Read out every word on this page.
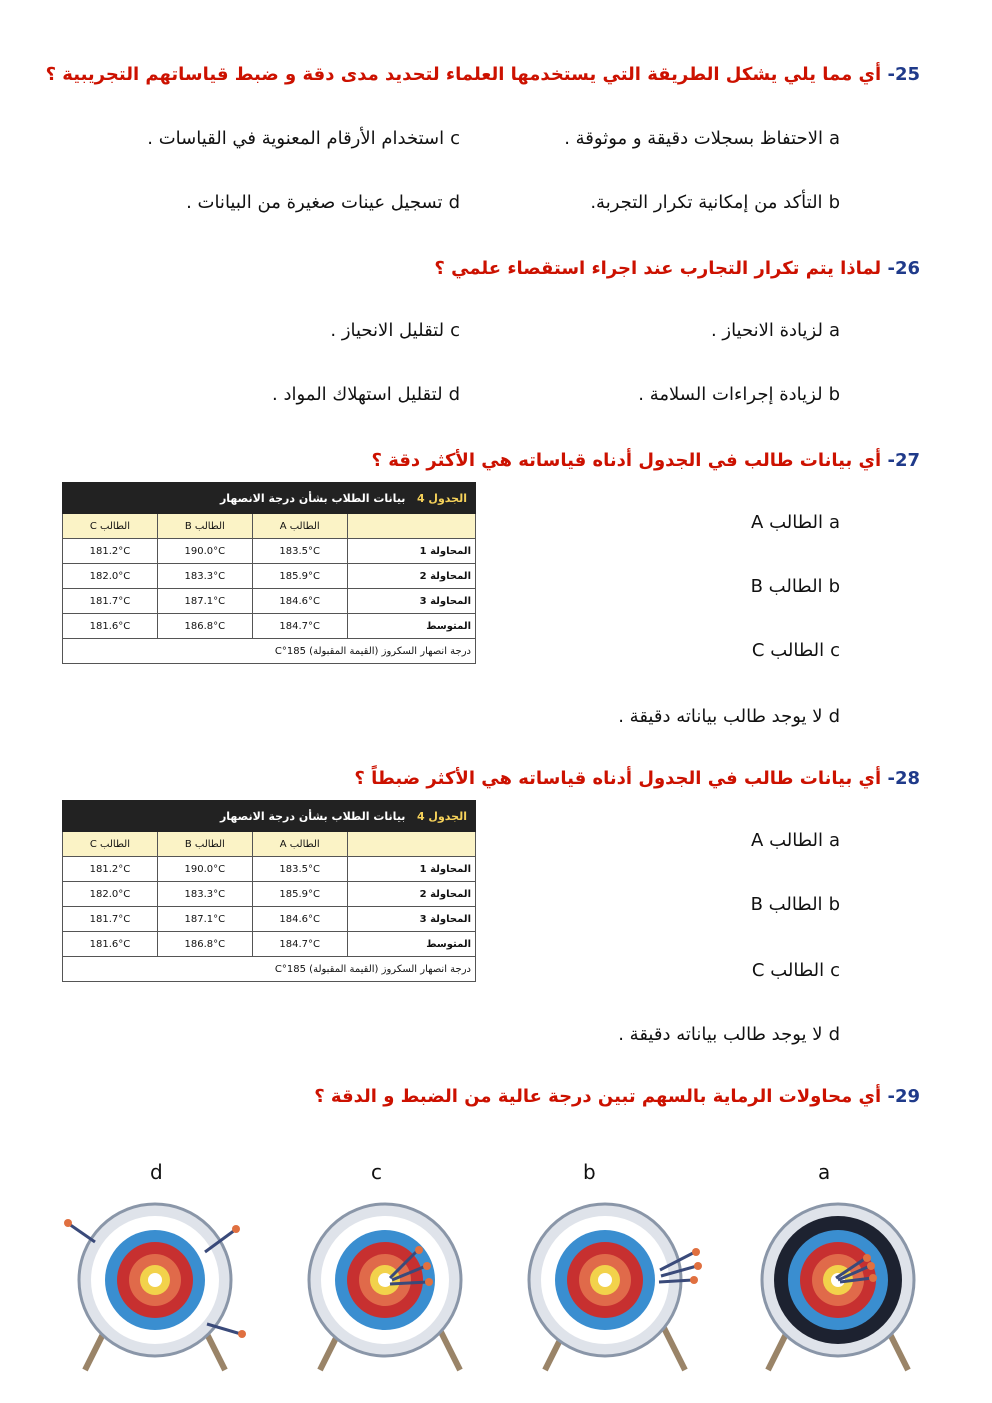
25- أي مما يلي يشكل الطريقة التي يستخدمها العلماء لتحديد مدى دقة و ضبط قياساتهم التجريبية ؟
aالاحتفاظ بسجلات دقيقة و موثوقة .
cاستخدام الأرقام المعنوية في القياسات .
bالتأكد من إمكانية تكرار التجربة.
dتسجيل عينات صغيرة من البيانات .
26- لماذا يتم تكرار التجارب عند اجراء استقصاء علمي ؟
aلزيادة الانحياز .
cلتقليل الانحياز .
bلزيادة إجراءات السلامة .
dلتقليل استهلاك المواد .
27- أي بيانات طالب في الجدول أدناه قياساته هي الأكثر دقة ؟
الجدول 4   بيانات الطلاب بشأن درجة الانصهار			
	الطالب A	الطالب B	الطالب C
المحاولة 1	183.5°C	190.0°C	181.2°C
المحاولة 2	185.9°C	183.3°C	182.0°C
المحاولة 3	184.6°C	187.1°C	181.7°C
المتوسط	184.7°C	186.8°C	181.6°C
درجة انصهار السكروز (القيمة المقبولة) 185°C			
aالطالب A
bالطالب B
cالطالب C
dلا يوجد طالب بياناته دقيقة .
28- أي بيانات طالب في الجدول أدناه قياساته هي الأكثر ضبطاً ؟
الجدول 4   بيانات الطلاب بشأن درجة الانصهار			
	الطالب A	الطالب B	الطالب C
المحاولة 1	183.5°C	190.0°C	181.2°C
المحاولة 2	185.9°C	183.3°C	182.0°C
المحاولة 3	184.6°C	187.1°C	181.7°C
المتوسط	184.7°C	186.8°C	181.6°C
درجة انصهار السكروز (القيمة المقبولة) 185°C			
aالطالب A
bالطالب B
cالطالب C
dلا يوجد طالب بياناته دقيقة .
29- أي محاولات الرماية بالسهم تبين درجة عالية من الضبط و الدقة ؟
a
b
c
d
